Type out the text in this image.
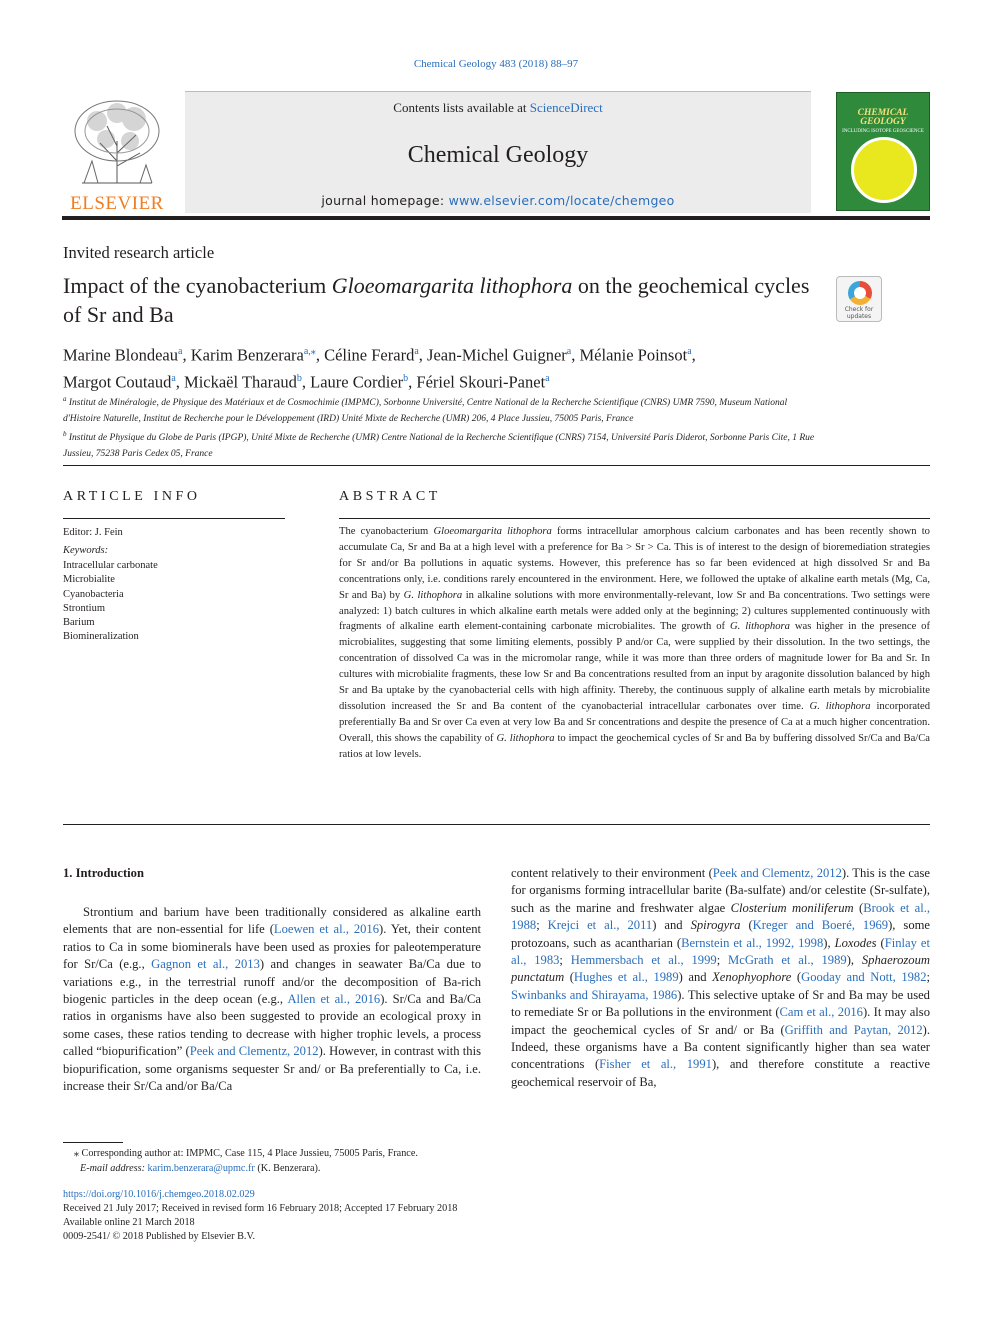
Chemical Geology 483 (2018) 88–97
ELSEVIER
Contents lists available at ScienceDirect
Chemical Geology
journal homepage: www.elsevier.com/locate/chemgeo
CHEMICAL
GEOLOGY
INCLUDING ISOTOPE GEOSCIENCE
Invited research article
Impact of the cyanobacterium Gloeomargarita lithophora on the geochemical cycles of Sr and Ba	Check for
updates
Marine Blondeau$^a$, Karim Benzerara$^{a,⁎}$, Céline Ferard$^a$, Jean-Michel Guigner$^a$, Mélanie Poinsot$^a$,
Margot Coutaud$^a$, Mickaël Tharaud$^b$, Laure Cordier$^b$, Fériel Skouri-Panet$^a$
$^a$ Institut de Minéralogie, de Physique des Matériaux et de Cosmochimie (IMPMC), Sorbonne Université, Centre National de la Recherche Scientifique (CNRS) UMR 7590, Museum National d'Histoire Naturelle, Institut de Recherche pour le Développement (IRD) Unité Mixte de Recherche (UMR) 206, 4 Place Jussieu, 75005 Paris, France
$^b$ Institut de Physique du Globe de Paris (IPGP), Unité Mixte de Recherche (UMR) Centre National de la Recherche Scientifique (CNRS) 7154, Université Paris Diderot, Sorbonne Paris Cite, 1 Rue Jussieu, 75238 Paris Cedex 05, France
ARTICLE INFO
Editor: J. Fein
Keywords:
Intracellular carbonate
Microbialite
Cyanobacteria
Strontium
Barium
Biomineralization
ABSTRACT

The cyanobacterium Gloeomargarita lithophora forms intracellular amorphous calcium carbonates and has been recently shown to accumulate Ca, Sr and Ba at a high level with a preference for Ba > Sr > Ca. This is of interest to the design of bioremediation strategies for Sr and/or Ba pollutions in aquatic systems. However, this preference has so far been evidenced at high dissolved Sr and Ba concentrations only, i.e. conditions rarely encountered in the environment. Here, we followed the uptake of alkaline earth metals (Mg, Ca, Sr and Ba) by G. lithophora in alkaline solutions with more environmentally-relevant, low Sr and Ba concentrations. Two settings were analyzed: 1) batch cultures in which alkaline earth metals were added only at the beginning; 2) cultures supplemented continuously with fragments of alkaline earth element-containing carbonate microbialites. The growth of G. lithophora was higher in the presence of microbialites, suggesting that some limiting elements, possibly P and/or Ca, were supplied by their dissolution. In the two settings, the concentration of dissolved Ca was in the micromolar range, while it was more than three orders of magnitude lower for Ba and Sr. In cultures with microbialite fragments, these low Sr and Ba concentrations resulted from an input by aragonite dissolution balanced by high Sr and Ba uptake by the cyanobacterial cells with high affinity. Thereby, the continuous supply of alkaline earth metals by microbialite dissolution increased the Sr and Ba content of the cyanobacterial intracellular carbonates over time. G. lithophora incorporated preferentially Ba and Sr over Ca even at very low Ba and Sr concentrations and despite the presence of Ca at a much higher concentration. Overall, this shows the capability of G. lithophora to impact the geochemical cycles of Sr and Ba by buffering dissolved Sr/Ca and Ba/Ca ratios at low levels.

1. Introduction

Strontium and barium have been traditionally considered as alkaline earth elements that are non-essential for life (Loewen et al., 2016). Yet, their content ratios to Ca in some biominerals have been used as proxies for paleotemperature for Sr/Ca (e.g., Gagnon et al., 2013) and changes in seawater Ba/Ca due to variations e.g., in the terrestrial runoff and/or the decomposition of Ba-rich biogenic particles in the deep ocean (e.g., Allen et al., 2016). Sr/Ca and Ba/Ca ratios in organisms have also been suggested to provide an ecological proxy in some cases, these ratios tending to decrease with higher trophic levels, a process called “biopurification” (Peek and Clementz, 2012). However, in contrast with this biopurification, some organisms sequester Sr and/ or Ba preferentially to Ca, i.e. increase their Sr/Ca and/or Ba/Ca

content relatively to their environment (Peek and Clementz, 2012). This is the case for organisms forming intracellular barite (Ba-sulfate) and/or celestite (Sr-sulfate), such as the marine and freshwater algae Closterium moniliferum (Brook et al., 1988; Krejci et al., 2011) and Spirogyra (Kreger and Boeré, 1969), some protozoans, such as acantharian (Bernstein et al., 1992, 1998), Loxodes (Finlay et al., 1983; Hemmersbach et al., 1999; McGrath et al., 1989), Sphaerozoum punctatum (Hughes et al., 1989) and Xenophyophore (Gooday and Nott, 1982; Swinbanks and Shirayama, 1986). This selective uptake of Sr and Ba may be used to remediate Sr or Ba pollutions in the environment (Cam et al., 2016). It may also impact the geochemical cycles of Sr and/ or Ba (Griffith and Paytan, 2012). Indeed, these organisms have a Ba content significantly higher than sea water concentrations (Fisher et al., 1991), and therefore constitute a reactive geochemical reservoir of Ba,

⁎ Corresponding author at: IMPMC, Case 115, 4 Place Jussieu, 75005 Paris, France.
E-mail address: karim.benzerara@upmc.fr (K. Benzerara).
https://doi.org/10.1016/j.chemgeo.2018.02.029
Received 21 July 2017; Received in revised form 16 February 2018; Accepted 17 February 2018
Available online 21 March 2018
0009-2541/ © 2018 Published by Elsevier B.V.
